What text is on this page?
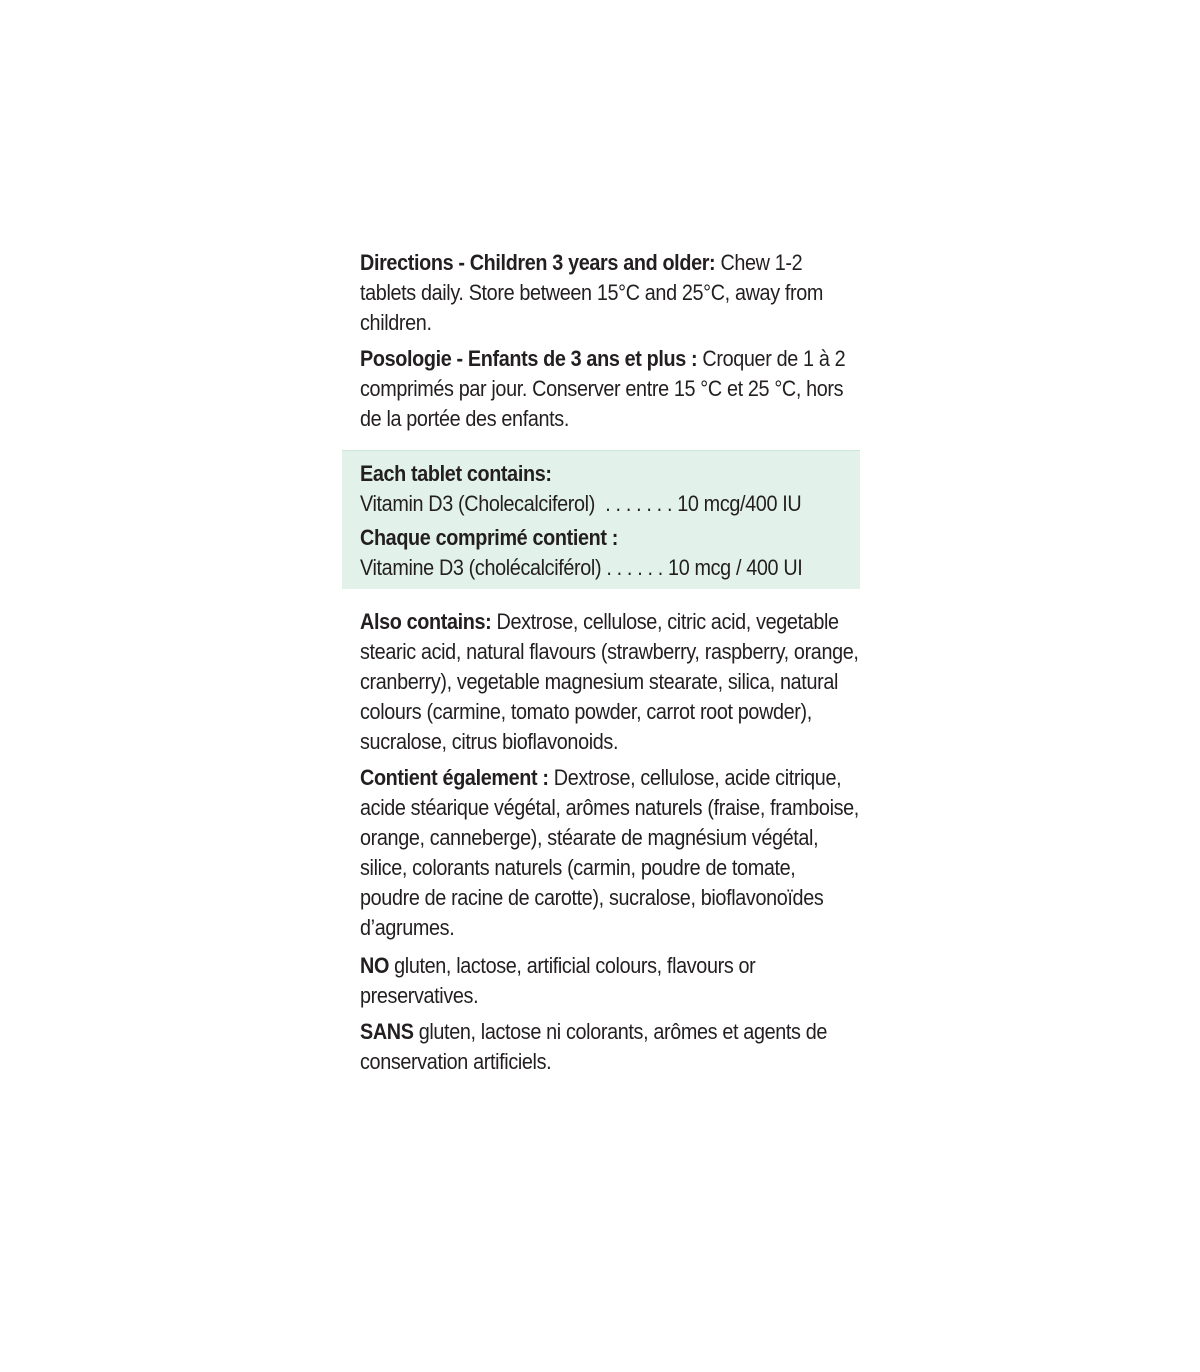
Directions - Children 3 years and older: Chew 1-2 tablets daily. Store between 15°C and 25°C, away from children.

Posologie - Enfants de 3 ans et plus : Croquer de 1 à 2 comprimés par jour. Conserver entre 15 °C et 25 °C, hors de la portée des enfants.

Each tablet contains:

Vitamin D3 (Cholecalciferol) . . . . . . . 10 mcg/400 IU

Chaque comprimé contient :

Vitamine D3 (cholécalciférol) . . . . . . 10 mcg / 400 UI

Also contains: Dextrose, cellulose, citric acid, vegetable stearic acid, natural flavours (strawberry, raspberry, orange, cranberry), vegetable magnesium stearate, silica, natural colours (carmine, tomato powder, carrot root powder), sucralose, citrus bioflavonoids.

Contient également : Dextrose, cellulose, acide citrique, acide stéarique végétal, arômes naturels (fraise, framboise, orange, canneberge), stéarate de magnésium végétal, silice, colorants naturels (carmin, poudre de tomate, poudre de racine de carotte), sucralose, bioflavonoïdes d’agrumes.

NO gluten, lactose, artificial colours, flavours or preservatives.

SANS gluten, lactose ni colorants, arômes et agents de conservation artificiels.
